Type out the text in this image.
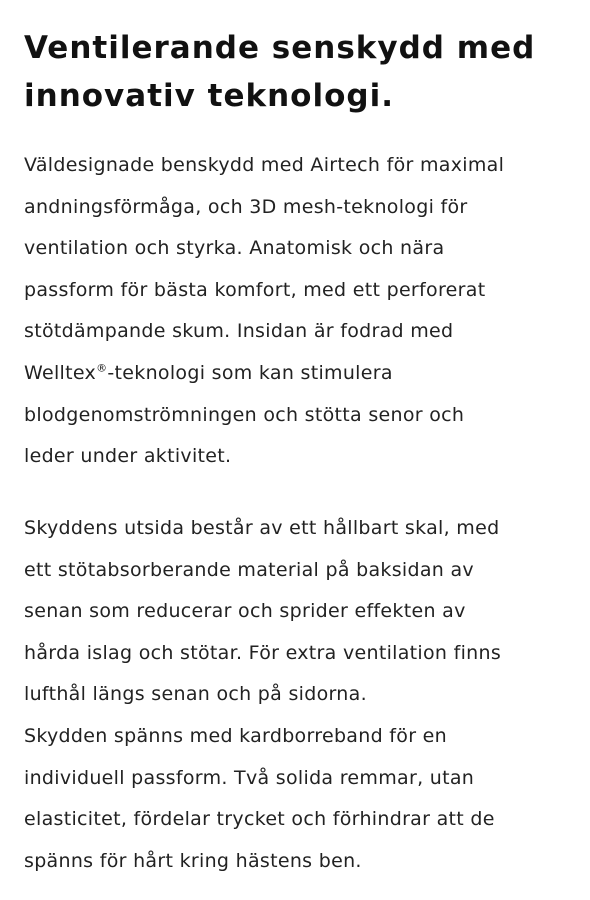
Ventilerande senskydd med
innovativ teknologi.

Väldesignade benskydd med Airtech för maximal
andningsförmåga, och 3D mesh-teknologi för
ventilation och styrka. Anatomisk och nära
passform för bästa komfort, med ett perforerat
stötdämpande skum. Insidan är fodrad med
Welltex®-teknologi som kan stimulera
blodgenomströmningen och stötta senor och
leder under aktivitet.

Skyddens utsida består av ett hållbart skal, med
ett stötabsorberande material på baksidan av
senan som reducerar och sprider effekten av
hårda islag och stötar. För extra ventilation finns
lufthål längs senan och på sidorna.
Skydden spänns med kardborreband för en
individuell passform. Två solida remmar, utan
elasticitet, fördelar trycket och förhindrar att de
spänns för hårt kring hästens ben.
